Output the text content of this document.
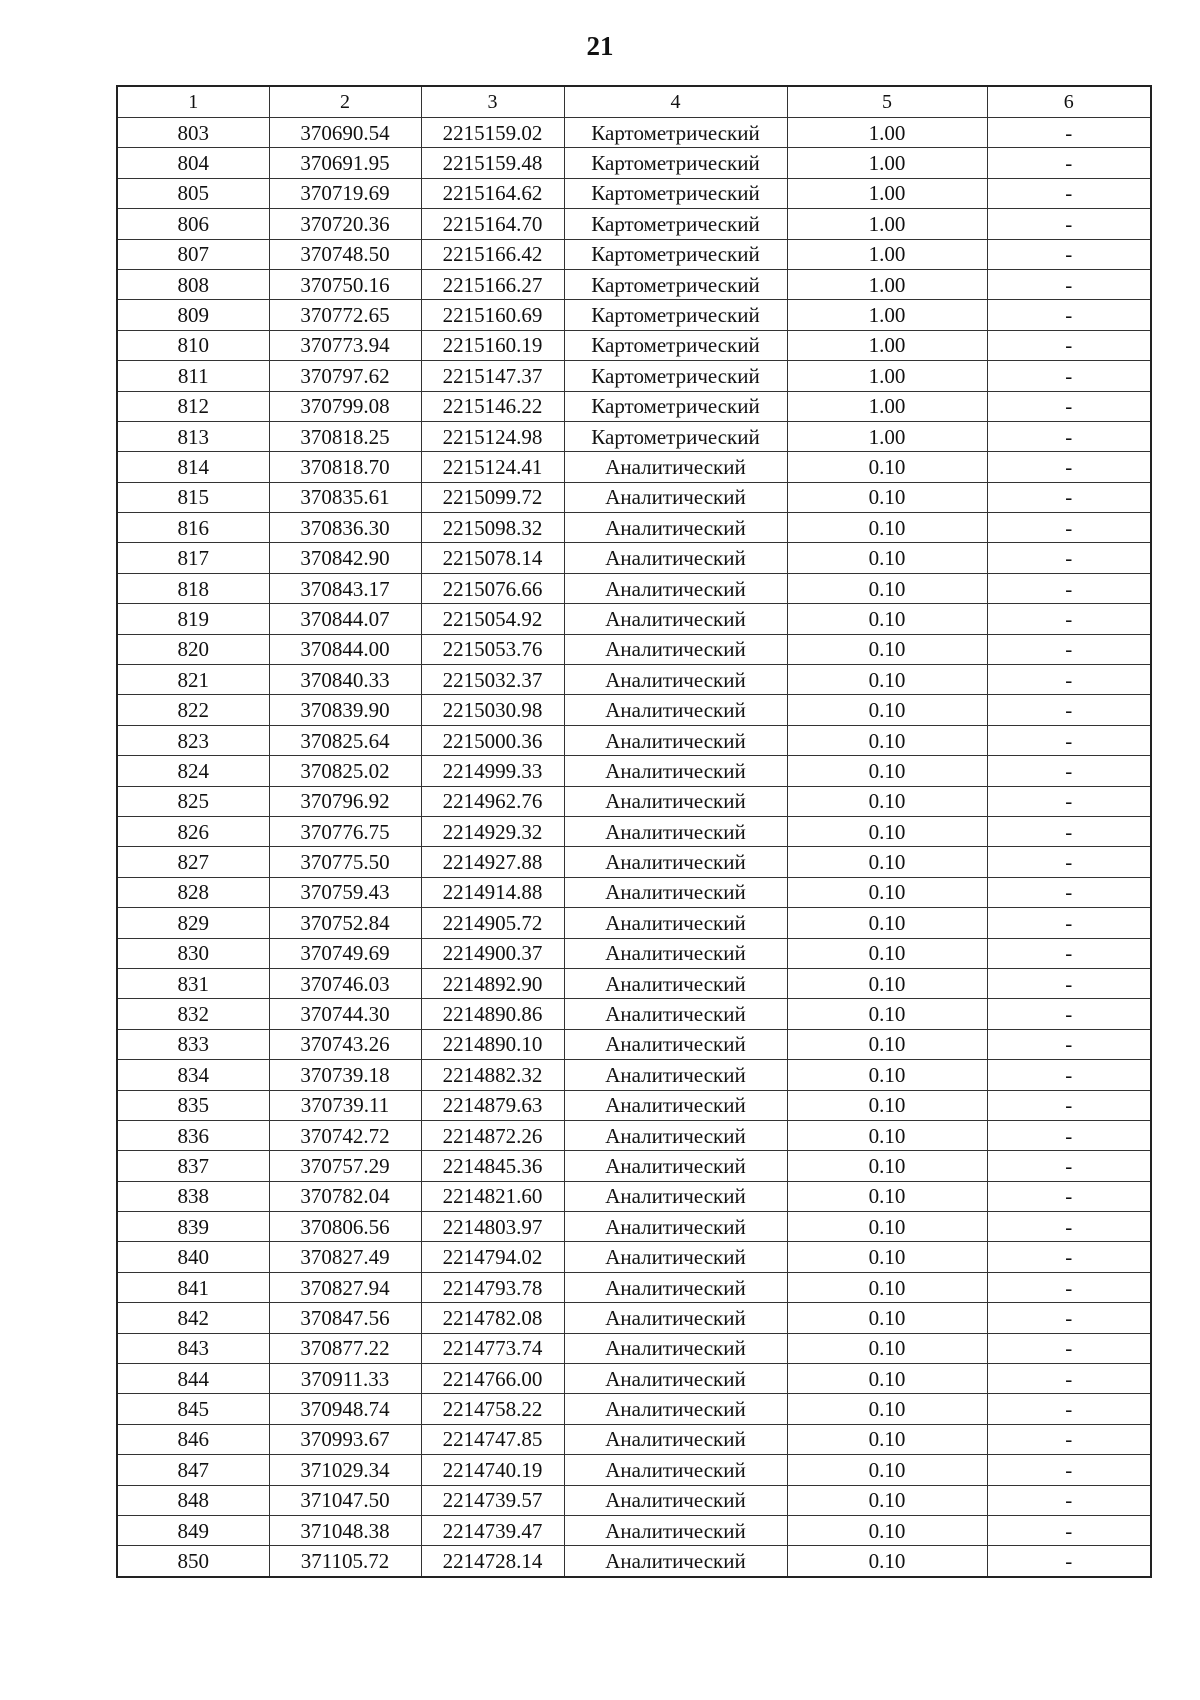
21
1	2	3	4	5	6
803	370690.54	2215159.02	Картометрический	1.00	-
804	370691.95	2215159.48	Картометрический	1.00	-
805	370719.69	2215164.62	Картометрический	1.00	-
806	370720.36	2215164.70	Картометрический	1.00	-
807	370748.50	2215166.42	Картометрический	1.00	-
808	370750.16	2215166.27	Картометрический	1.00	-
809	370772.65	2215160.69	Картометрический	1.00	-
810	370773.94	2215160.19	Картометрический	1.00	-
811	370797.62	2215147.37	Картометрический	1.00	-
812	370799.08	2215146.22	Картометрический	1.00	-
813	370818.25	2215124.98	Картометрический	1.00	-
814	370818.70	2215124.41	Аналитический	0.10	-
815	370835.61	2215099.72	Аналитический	0.10	-
816	370836.30	2215098.32	Аналитический	0.10	-
817	370842.90	2215078.14	Аналитический	0.10	-
818	370843.17	2215076.66	Аналитический	0.10	-
819	370844.07	2215054.92	Аналитический	0.10	-
820	370844.00	2215053.76	Аналитический	0.10	-
821	370840.33	2215032.37	Аналитический	0.10	-
822	370839.90	2215030.98	Аналитический	0.10	-
823	370825.64	2215000.36	Аналитический	0.10	-
824	370825.02	2214999.33	Аналитический	0.10	-
825	370796.92	2214962.76	Аналитический	0.10	-
826	370776.75	2214929.32	Аналитический	0.10	-
827	370775.50	2214927.88	Аналитический	0.10	-
828	370759.43	2214914.88	Аналитический	0.10	-
829	370752.84	2214905.72	Аналитический	0.10	-
830	370749.69	2214900.37	Аналитический	0.10	-
831	370746.03	2214892.90	Аналитический	0.10	-
832	370744.30	2214890.86	Аналитический	0.10	-
833	370743.26	2214890.10	Аналитический	0.10	-
834	370739.18	2214882.32	Аналитический	0.10	-
835	370739.11	2214879.63	Аналитический	0.10	-
836	370742.72	2214872.26	Аналитический	0.10	-
837	370757.29	2214845.36	Аналитический	0.10	-
838	370782.04	2214821.60	Аналитический	0.10	-
839	370806.56	2214803.97	Аналитический	0.10	-
840	370827.49	2214794.02	Аналитический	0.10	-
841	370827.94	2214793.78	Аналитический	0.10	-
842	370847.56	2214782.08	Аналитический	0.10	-
843	370877.22	2214773.74	Аналитический	0.10	-
844	370911.33	2214766.00	Аналитический	0.10	-
845	370948.74	2214758.22	Аналитический	0.10	-
846	370993.67	2214747.85	Аналитический	0.10	-
847	371029.34	2214740.19	Аналитический	0.10	-
848	371047.50	2214739.57	Аналитический	0.10	-
849	371048.38	2214739.47	Аналитический	0.10	-
850	371105.72	2214728.14	Аналитический	0.10	-
